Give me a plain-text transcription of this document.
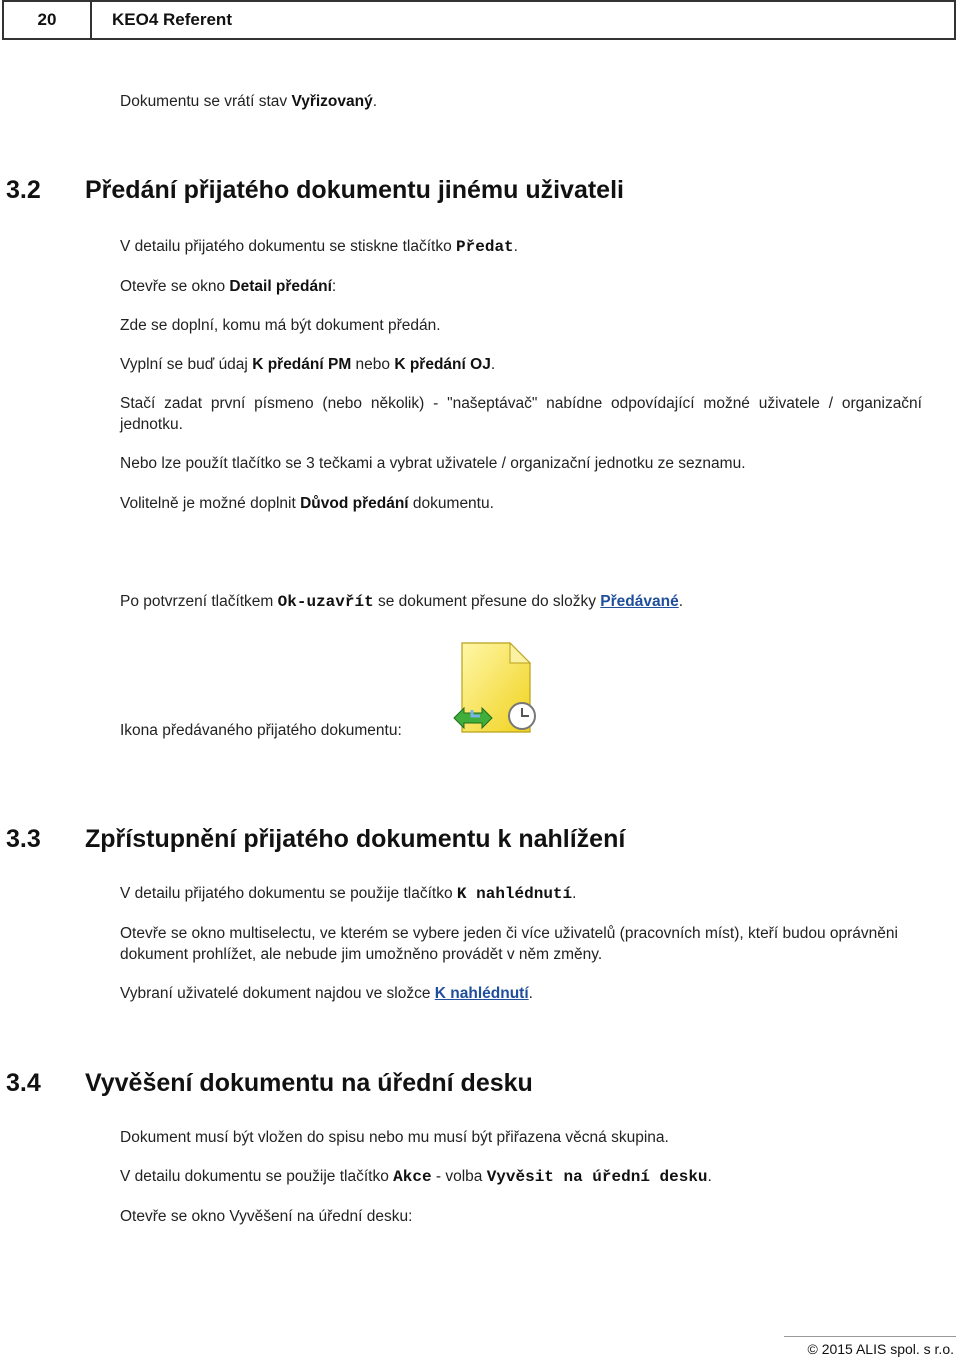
20	KEO4 Referent

Dokumentu se vrátí stav Vyřizovaný.

3.2 Předání přijatého dokumentu jinému uživateli

V detailu přijatého dokumentu se stiskne tlačítko Předat.

Otevře se okno Detail předání:

Zde se doplní, komu má být dokument předán.

Vyplní se buď údaj K předání PM nebo K předání OJ.

Stačí zadat první písmeno (nebo několik) - "našeptávač" nabídne odpovídající možné uživatele / organizační jednotku.

Nebo lze použít tlačítko se 3 tečkami a vybrat uživatele / organizační jednotku ze seznamu.

Volitelně je možné doplnit Důvod předání dokumentu.

Po potvrzení tlačítkem Ok-uzavřít se dokument přesune do složky Předávané.

Ikona předávaného přijatého dokumentu:

3.3 Zpřístupnění přijatého dokumentu k nahlížení

V detailu přijatého dokumentu se použije tlačítko K nahlédnutí.

Otevře se okno multiselectu, ve kterém se vybere jeden či více uživatelů (pracovních míst), kteří budou oprávněni dokument prohlížet, ale nebude jim umožněno provádět v něm změny.

Vybraní uživatelé dokument najdou ve složce K nahlédnutí.

3.4 Vyvěšení dokumentu na úřední desku

Dokument musí být vložen do spisu nebo mu musí být přiřazena věcná skupina.

V detailu dokumentu se použije tlačítko Akce - volba Vyvěsit na úřední desku.

Otevře se okno Vyvěšení na úřední desku:

© 2015 ALIS spol. s r.o.
